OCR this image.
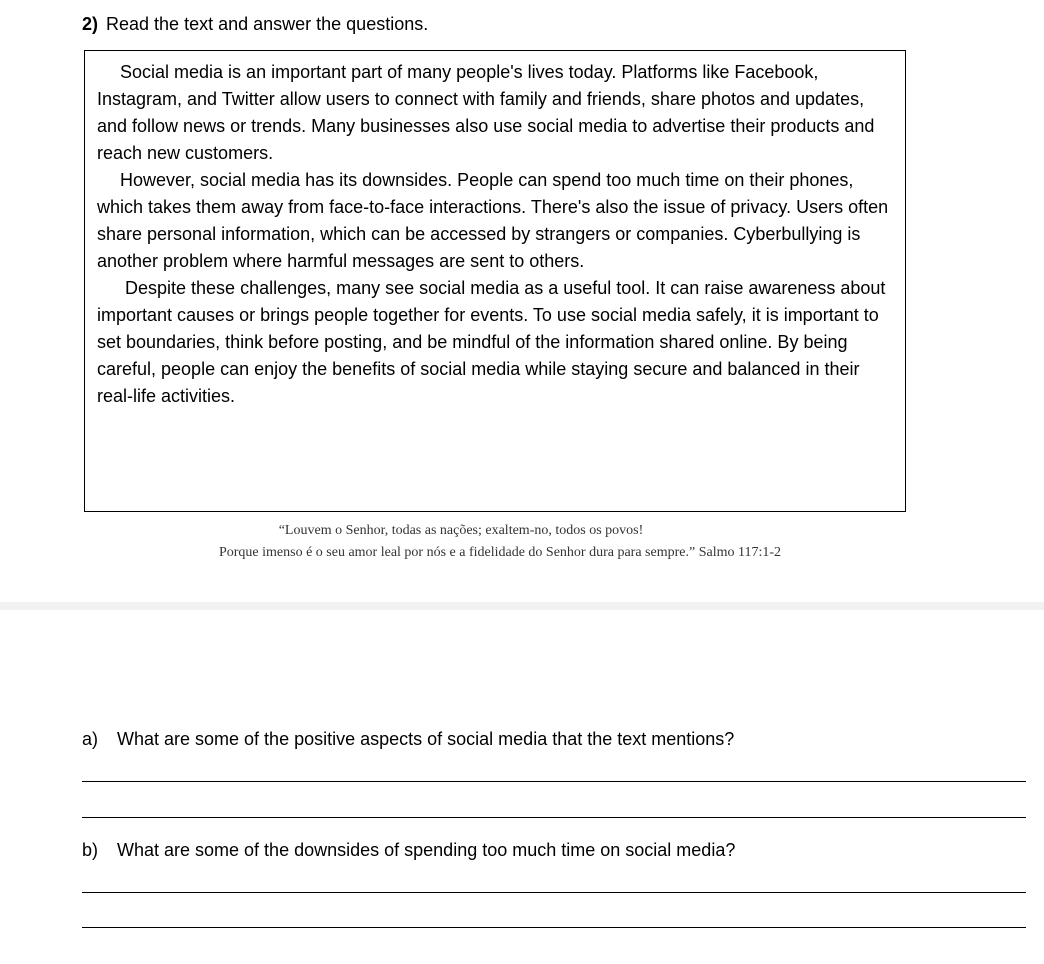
2) Read the text and answer the questions.

Social media is an important part of many people's lives today. Platforms like Facebook, Instagram, and Twitter allow users to connect with family and friends, share photos and updates, and follow news or trends. Many businesses also use social media to advertise their products and reach new customers.

However, social media has its downsides. People can spend too much time on their phones, which takes them away from face-to-face interactions. There's also the issue of privacy. Users often share personal information, which can be accessed by strangers or companies. Cyberbullying is another problem where harmful messages are sent to others.

Despite these challenges, many see social media as a useful tool. It can raise awareness about important causes or brings people together for events. To use social media safely, it is important to set boundaries, think before posting, and be mindful of the information shared online. By being careful, people can enjoy the benefits of social media while staying secure and balanced in their real-life activities.

“Louvem o Senhor, todas as nações; exaltem-no, todos os povos!
Porque imenso é o seu amor leal por nós e a fidelidade do Senhor dura para sempre.” Salmo 117:1-2
a) What are some of the positive aspects of social media that the text mentions?
b) What are some of the downsides of spending too much time on social media?
